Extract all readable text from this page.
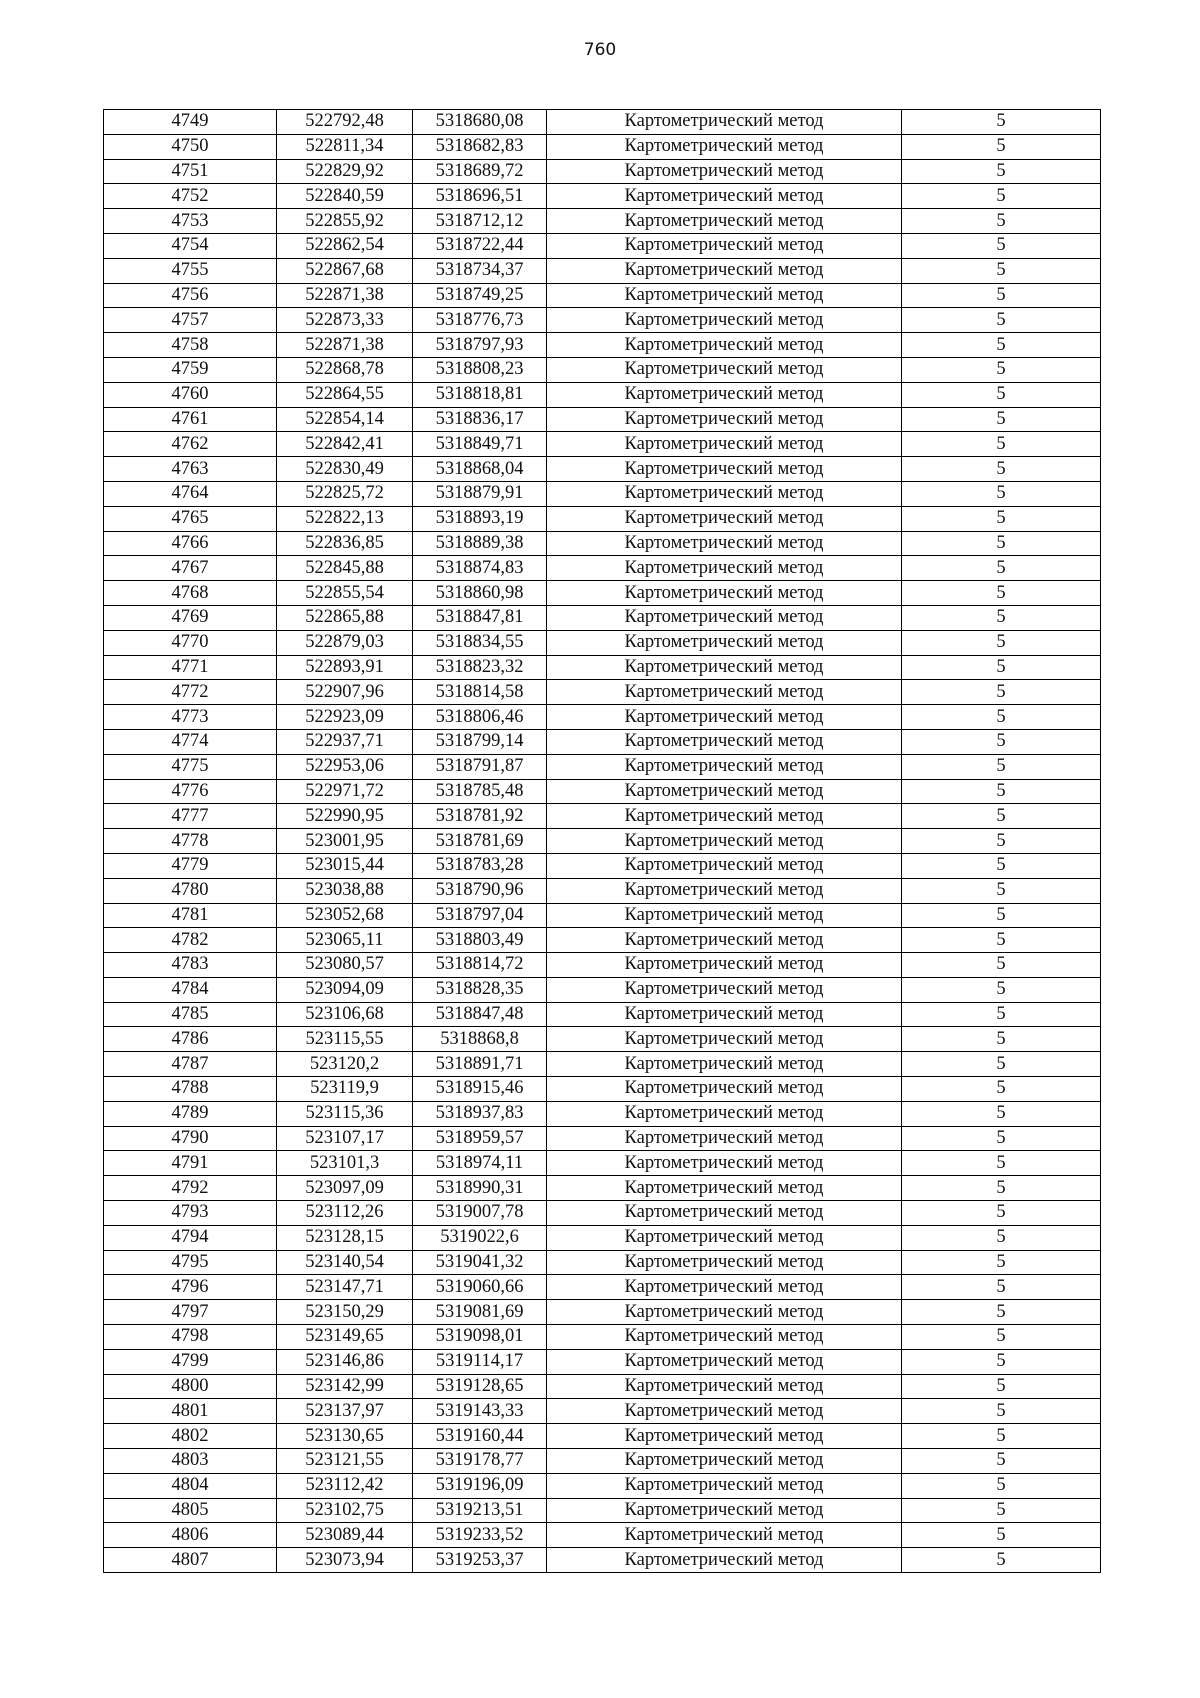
760
4749	522792,48	5318680,08	Картометрический метод	5
4750	522811,34	5318682,83	Картометрический метод	5
4751	522829,92	5318689,72	Картометрический метод	5
4752	522840,59	5318696,51	Картометрический метод	5
4753	522855,92	5318712,12	Картометрический метод	5
4754	522862,54	5318722,44	Картометрический метод	5
4755	522867,68	5318734,37	Картометрический метод	5
4756	522871,38	5318749,25	Картометрический метод	5
4757	522873,33	5318776,73	Картометрический метод	5
4758	522871,38	5318797,93	Картометрический метод	5
4759	522868,78	5318808,23	Картометрический метод	5
4760	522864,55	5318818,81	Картометрический метод	5
4761	522854,14	5318836,17	Картометрический метод	5
4762	522842,41	5318849,71	Картометрический метод	5
4763	522830,49	5318868,04	Картометрический метод	5
4764	522825,72	5318879,91	Картометрический метод	5
4765	522822,13	5318893,19	Картометрический метод	5
4766	522836,85	5318889,38	Картометрический метод	5
4767	522845,88	5318874,83	Картометрический метод	5
4768	522855,54	5318860,98	Картометрический метод	5
4769	522865,88	5318847,81	Картометрический метод	5
4770	522879,03	5318834,55	Картометрический метод	5
4771	522893,91	5318823,32	Картометрический метод	5
4772	522907,96	5318814,58	Картометрический метод	5
4773	522923,09	5318806,46	Картометрический метод	5
4774	522937,71	5318799,14	Картометрический метод	5
4775	522953,06	5318791,87	Картометрический метод	5
4776	522971,72	5318785,48	Картометрический метод	5
4777	522990,95	5318781,92	Картометрический метод	5
4778	523001,95	5318781,69	Картометрический метод	5
4779	523015,44	5318783,28	Картометрический метод	5
4780	523038,88	5318790,96	Картометрический метод	5
4781	523052,68	5318797,04	Картометрический метод	5
4782	523065,11	5318803,49	Картометрический метод	5
4783	523080,57	5318814,72	Картометрический метод	5
4784	523094,09	5318828,35	Картометрический метод	5
4785	523106,68	5318847,48	Картометрический метод	5
4786	523115,55	5318868,8	Картометрический метод	5
4787	523120,2	5318891,71	Картометрический метод	5
4788	523119,9	5318915,46	Картометрический метод	5
4789	523115,36	5318937,83	Картометрический метод	5
4790	523107,17	5318959,57	Картометрический метод	5
4791	523101,3	5318974,11	Картометрический метод	5
4792	523097,09	5318990,31	Картометрический метод	5
4793	523112,26	5319007,78	Картометрический метод	5
4794	523128,15	5319022,6	Картометрический метод	5
4795	523140,54	5319041,32	Картометрический метод	5
4796	523147,71	5319060,66	Картометрический метод	5
4797	523150,29	5319081,69	Картометрический метод	5
4798	523149,65	5319098,01	Картометрический метод	5
4799	523146,86	5319114,17	Картометрический метод	5
4800	523142,99	5319128,65	Картометрический метод	5
4801	523137,97	5319143,33	Картометрический метод	5
4802	523130,65	5319160,44	Картометрический метод	5
4803	523121,55	5319178,77	Картометрический метод	5
4804	523112,42	5319196,09	Картометрический метод	5
4805	523102,75	5319213,51	Картометрический метод	5
4806	523089,44	5319233,52	Картометрический метод	5
4807	523073,94	5319253,37	Картометрический метод	5
